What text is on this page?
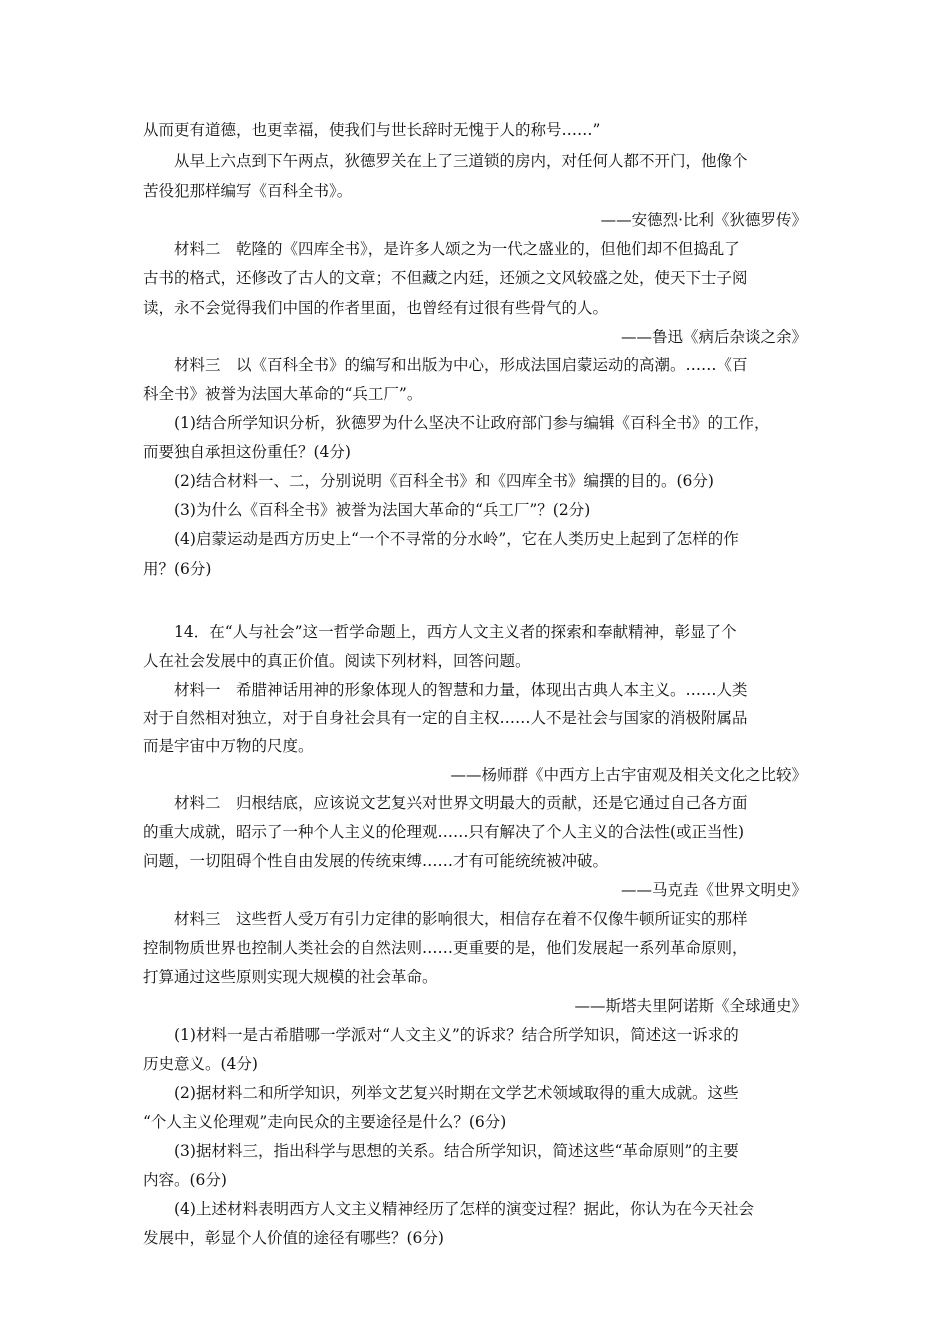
从而更有道德，也更幸福，使我们与世长辞时无愧于人的称号……”
从早上六点到下午两点，狄德罗关在上了三道锁的房内，对任何人都不开门，他像个
苦役犯那样编写《百科全书》。
——安德烈·比利《狄德罗传》
材料二　乾隆的《四库全书》，是许多人颂之为一代之盛业的，但他们却不但捣乱了
古书的格式，还修改了古人的文章；不但藏之内廷，还颁之文风较盛之处，使天下士子阅
读，永不会觉得我们中国的作者里面，也曾经有过很有些骨气的人。
——鲁迅《病后杂谈之余》
材料三　以《百科全书》的编写和出版为中心，形成法国启蒙运动的高潮。……《百
科全书》被誉为法国大革命的“兵工厂”。
(1)结合所学知识分析，狄德罗为什么坚决不让政府部门参与编辑《百科全书》的工作，
而要独自承担这份重任？(4分)
(2)结合材料一、二，分别说明《百科全书》和《四库全书》编撰的目的。(6分)
(3)为什么《百科全书》被誉为法国大革命的“兵工厂”？(2分)
(4)启蒙运动是西方历史上“一个不寻常的分水岭”，它在人类历史上起到了怎样的作
用？(6分)
14．在“人与社会”这一哲学命题上，西方人文主义者的探索和奉献精神，彰显了个
人在社会发展中的真正价值。阅读下列材料，回答问题。
材料一　希腊神话用神的形象体现人的智慧和力量，体现出古典人本主义。……人类
对于自然相对独立，对于自身社会具有一定的自主权……人不是社会与国家的消极附属品
而是宇宙中万物的尺度。
——杨师群《中西方上古宇宙观及相关文化之比较》
材料二　归根结底，应该说文艺复兴对世界文明最大的贡献，还是它通过自己各方面
的重大成就，昭示了一种个人主义的伦理观……只有解决了个人主义的合法性(或正当性)
问题，一切阻碍个性自由发展的传统束缚……才有可能统统被冲破。
——马克垚《世界文明史》
材料三　这些哲人受万有引力定律的影响很大，相信存在着不仅像牛顿所证实的那样
控制物质世界也控制人类社会的自然法则……更重要的是，他们发展起一系列革命原则，
打算通过这些原则实现大规模的社会革命。
——斯塔夫里阿诺斯《全球通史》
(1)材料一是古希腊哪一学派对“人文主义”的诉求？结合所学知识，简述这一诉求的
历史意义。(4分)
(2)据材料二和所学知识，列举文艺复兴时期在文学艺术领域取得的重大成就。这些
“个人主义伦理观”走向民众的主要途径是什么？(6分)
(3)据材料三，指出科学与思想的关系。结合所学知识，简述这些“革命原则”的主要
内容。(6分)
(4)上述材料表明西方人文主义精神经历了怎样的演变过程？据此，你认为在今天社会
发展中，彰显个人价值的途径有哪些？(6分)
